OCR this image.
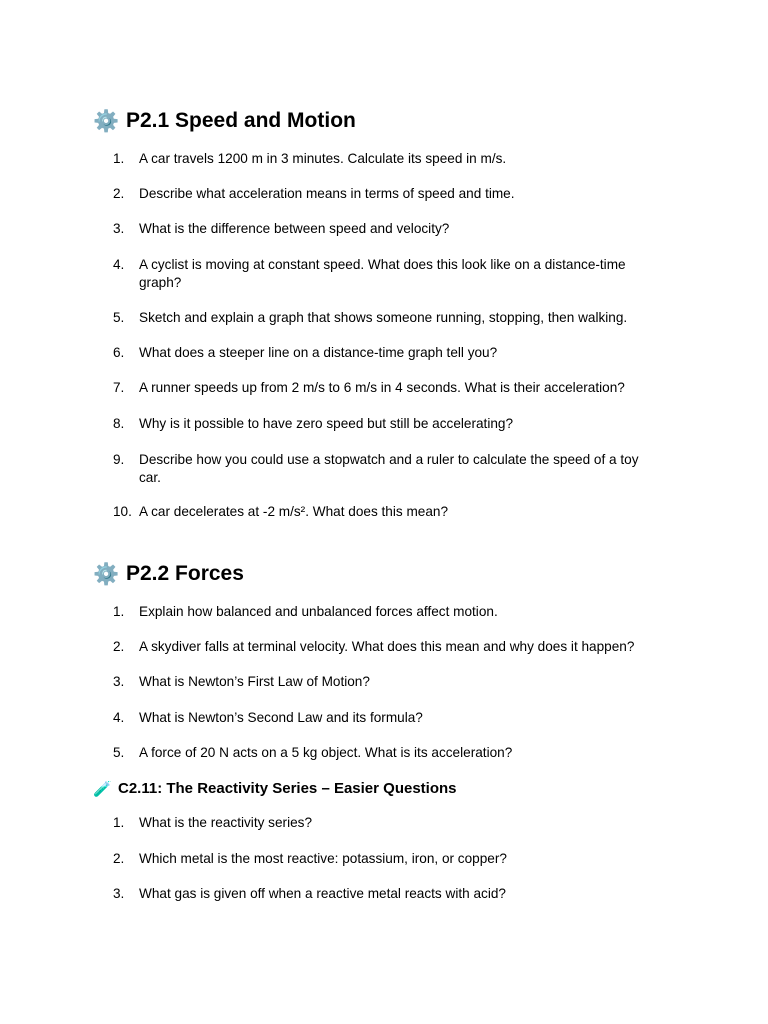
⚙️ P2.1 Speed and Motion
1.	A car travels 1200 m in 3 minutes. Calculate its speed in m/s.
2.	Describe what acceleration means in terms of speed and time.
3.	What is the difference between speed and velocity?
4.	A cyclist is moving at constant speed. What does this look like on a distance-time graph?
5.	Sketch and explain a graph that shows someone running, stopping, then walking.
6.	What does a steeper line on a distance-time graph tell you?
7.	A runner speeds up from 2 m/s to 6 m/s in 4 seconds. What is their acceleration?
8.	Why is it possible to have zero speed but still be accelerating?
9.	Describe how you could use a stopwatch and a ruler to calculate the speed of a toy car.
10. A car decelerates at -2 m/s². What does this mean?
⚙️ P2.2 Forces
1.	Explain how balanced and unbalanced forces affect motion.
2.	A skydiver falls at terminal velocity. What does this mean and why does it happen?
3.	What is Newton’s First Law of Motion?
4.	What is Newton’s Second Law and its formula?
5.	A force of 20 N acts on a 5 kg object. What is its acceleration?
🧪 C2.11: The Reactivity Series – Easier Questions
1.	What is the reactivity series?
2.	Which metal is the most reactive: potassium, iron, or copper?
3.	What gas is given off when a reactive metal reacts with acid?
